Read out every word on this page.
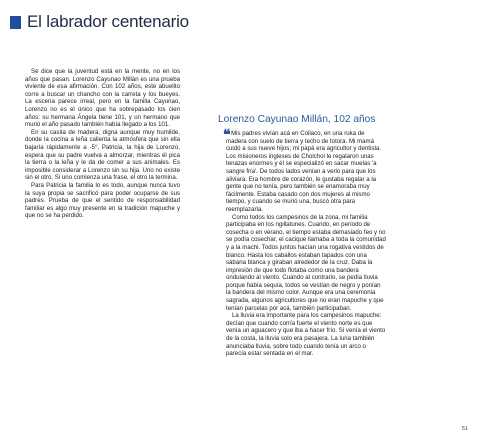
El labrador centenario

Se dice que la juventud está en la mente, no en los años que pasan. Lorenzo Cayunao Millán es una prueba viviente de esa afirmación. Con 102 años, este abuelito corre a buscar un chancho con la carreta y los bueyes. La escena parece irreal, pero en la familia Cayunao, Lorenzo no es el único que ha sobrepasado los cien años: su hermana Ángela tiene 101, y un hermano que murió el año pasado también había llegado a los 101.

En su casita de madera, digna aunque muy humilde, donde la cocina a leña calienta la atmósfera que sin ella bajaría rápidamente a -5°, Patricia, la hija de Lorenzo, espera que su padre vuelva a almorzar, mientras él pica la tierra o la leña y le da de comer a sus animales. Es imposible considerar a Lorenzo sin su hija. Uno no existe sin el otro. Si uno comienza una frase, el otro la termina.

Para Patricia la familia lo es todo, aunque nunca tuvo la suya propia se sacrificó para poder ocuparse de sus padres. Prueba de que el sentido de responsabilidad familiar es algo muy presente en la tradición mapuche y que no se ha perdido.

Lorenzo Cayunao Millán, 102 años
❝ Mis padres vivían acá en Coilaco, en una ruka de madera con suelo de tierra y techo de totora. Mi mamá cuidó a sus nueve hijos; mi papá era agricultor y dentista. Los misioneros ingleses de Cholchol le regalaron unas tenazas enormes y él se especializó en sacar muelas 'a sangre fría'. De todos lados venían a verlo para que los aliviara. Era hombre de corazón, le gustaba regalar a la gente que no tenía, pero también se enamoraba muy fácilmente. Estaba casado con dos mujeres al mismo tiempo, y cuando se murió una, buscó otra para reemplazarla.

Como todos los campesinos de la zona, mi familia participaba en los ngillatunes. Cuando, en período de cosecha o en verano, el tiempo estaba demasiado feo y no se podía cosechar, el cacique llamaba a toda la comunidad y a la machi. Todos juntos hacían una rogativa vestidos de blanco. Hasta los caballos estaban tapados con una sábana blanca y giraban alrededor de la cruz. Daba la impresión de que todo flotaba como una bandera ondulando al viento. Cuando al contrario, se pedía lluvia porque había sequía, todos se vestían de negro y ponían la bandera del mismo color. Aunque era una ceremonia sagrada, algunos agricultores que no eran mapuche y que tenían parcelas por acá, también participaban.

La lluvia era importante para los campesinos mapuche: decían que cuando corría fuerte el viento norte es que venía un aguacero y que iba a hacer frío. Si venía el viento de la costa, la lluvia solo era pasajera. La luna también anunciaba lluvia, sobre todo cuando tenía un arco o parecía estar sentada en el mar.

51
